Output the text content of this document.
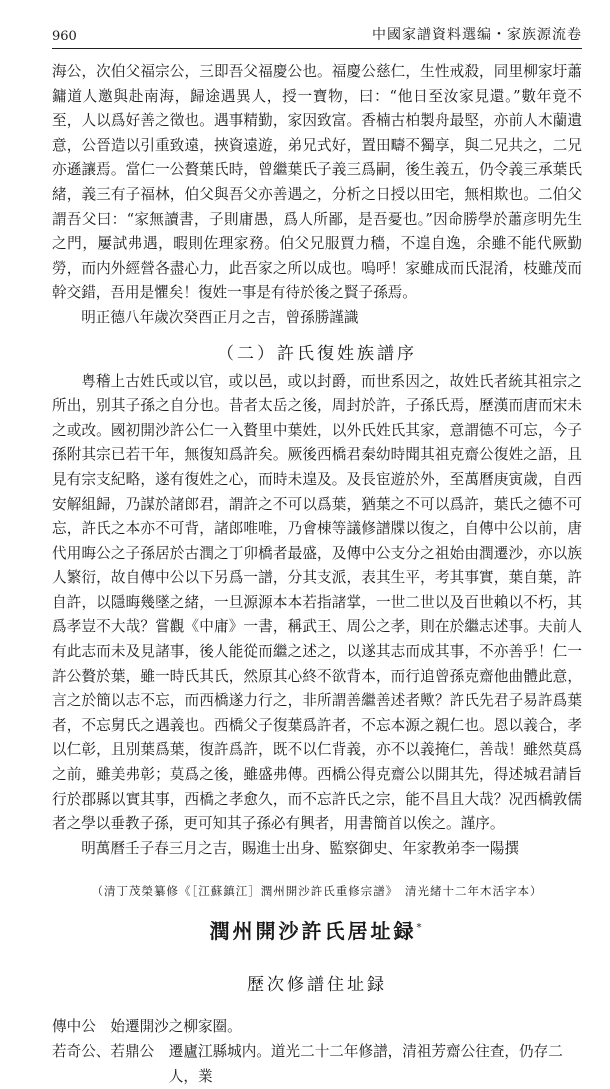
960	中國家譜資料選编・家族源流卷

海公，次伯父福宗公，三即吾父福慶公也。福慶公慈仁，生性戒殺，同里柳家圩蕭鏞道人邀與赴南海，歸途遇異人，授一寶物，曰：“他日至汝家見還。”數年竟不至，人以爲好善之徵也。遇事精勤，家因致富。香楠古柏製舟最堅，亦前人木蘭遺意，公晉造以引重致遠，挾資遠遊，弟兄式好，置田疇不獨享，與二兄共之，二兄亦遜讓焉。當仁一公贅葉氏時，曾繼葉氏子義三爲嗣，後生義五，仍令義三承葉氏緒，義三有子福林，伯父與吾父亦善遇之，分析之日授以田宅，無相欺也。二伯父謂吾父曰：“家無讀書，子則庸愚，爲人所鄙，是吾憂也。”因命勝學於蕭彦明先生之門，屢試弗遇，暇則佐理家務。伯父兄服賈力穡，不遑自逸，余雖不能代厥勤勞，而内外經營各盡心力，此吾家之所以成也。嗚呼！家雖成而氏混淆，枝雖茂而幹交錯，吾用是懼矣！復姓一事是有待於後之賢子孫焉。

明正德八年歲次癸酉正月之吉，曾孫勝謹識

（二）許氏復姓族譜序

粤稽上古姓氏或以官，或以邑，或以封爵，而世系因之，故姓氏者統其祖宗之所出，别其子孫之自分也。昔者太岳之後，周封於許，子孫氏焉，歷漢而唐而宋未之或改。國初開沙許公仁一入贅里中葉姓，以外氏姓氏其家，意謂德不可忘，今子孫附其宗已若干年，無復知爲許矣。厥後西橋君秦幼時聞其祖克齋公復姓之語，且見有宗支紀略，遂有復姓之心，而時未遑及。及長宦遊於外，至萬曆庚寅歲，自西安解組歸，乃謀於諸郎君，謂許之不可以爲葉，猶葉之不可以爲許，葉氏之德不可忘，許氏之本亦不可背，諸郎唯唯，乃會棟等議修譜牒以復之，自傳中公以前，唐代用晦公之子孫居於古潤之丁卯橋者最盛，及傳中公支分之祖始由潤遷沙，亦以族人繁衍，故自傳中公以下另爲一譜，分其支派，表其生平，考其事實，葉自葉，許自許，以隱晦幾墜之緒，一旦源源本本若指諸掌，一世二世以及百世賴以不朽，其爲孝豈不大哉？嘗觀《中庸》一書，稱武王、周公之孝，則在於繼志述事。夫前人有此志而未及見諸事，後人能從而繼之述之，以遂其志而成其事，不亦善乎！仁一許公贅於葉，雖一時氏其氏，然原其心終不欲背本，而行追曾孫克齋他曲體此意，言之於簡以志不忘，而西橋遂力行之，非所謂善繼善述者歟？許氏先君子易許爲葉者，不忘舅氏之遇義也。西橋父子復葉爲許者，不忘本源之親仁也。恩以義合，孝以仁彰，且別葉爲葉，復許爲許，既不以仁背義，亦不以義掩仁，善哉！雖然莫爲之前，雖美弗彰；莫爲之後，雖盛弗傳。西橋公得克齋公以開其先，得述城君請旨行於郡縣以實其事，西橋之孝愈久，而不忘許氏之宗，能不昌且大哉？况西橋敦儒者之學以垂教子孫，更可知其子孫必有興者，用書簡首以俟之。謹序。

明萬曆壬子春三月之吉，賜進士出身、監察御史、年家教弟李一陽撰

（清丁茂榮纂修《［江蘇鎮江］潤州開沙許氏重修宗譜》　清光緒十二年木活字本）
潤州開沙許氏居址録*
歷次修譜住址録
傳中公 始遷開沙之柳家圈。
若奇公、若鼎公 遷廬江縣城内。道光二十二年修譜，清祖芳齋公往查，仍存二人，業
